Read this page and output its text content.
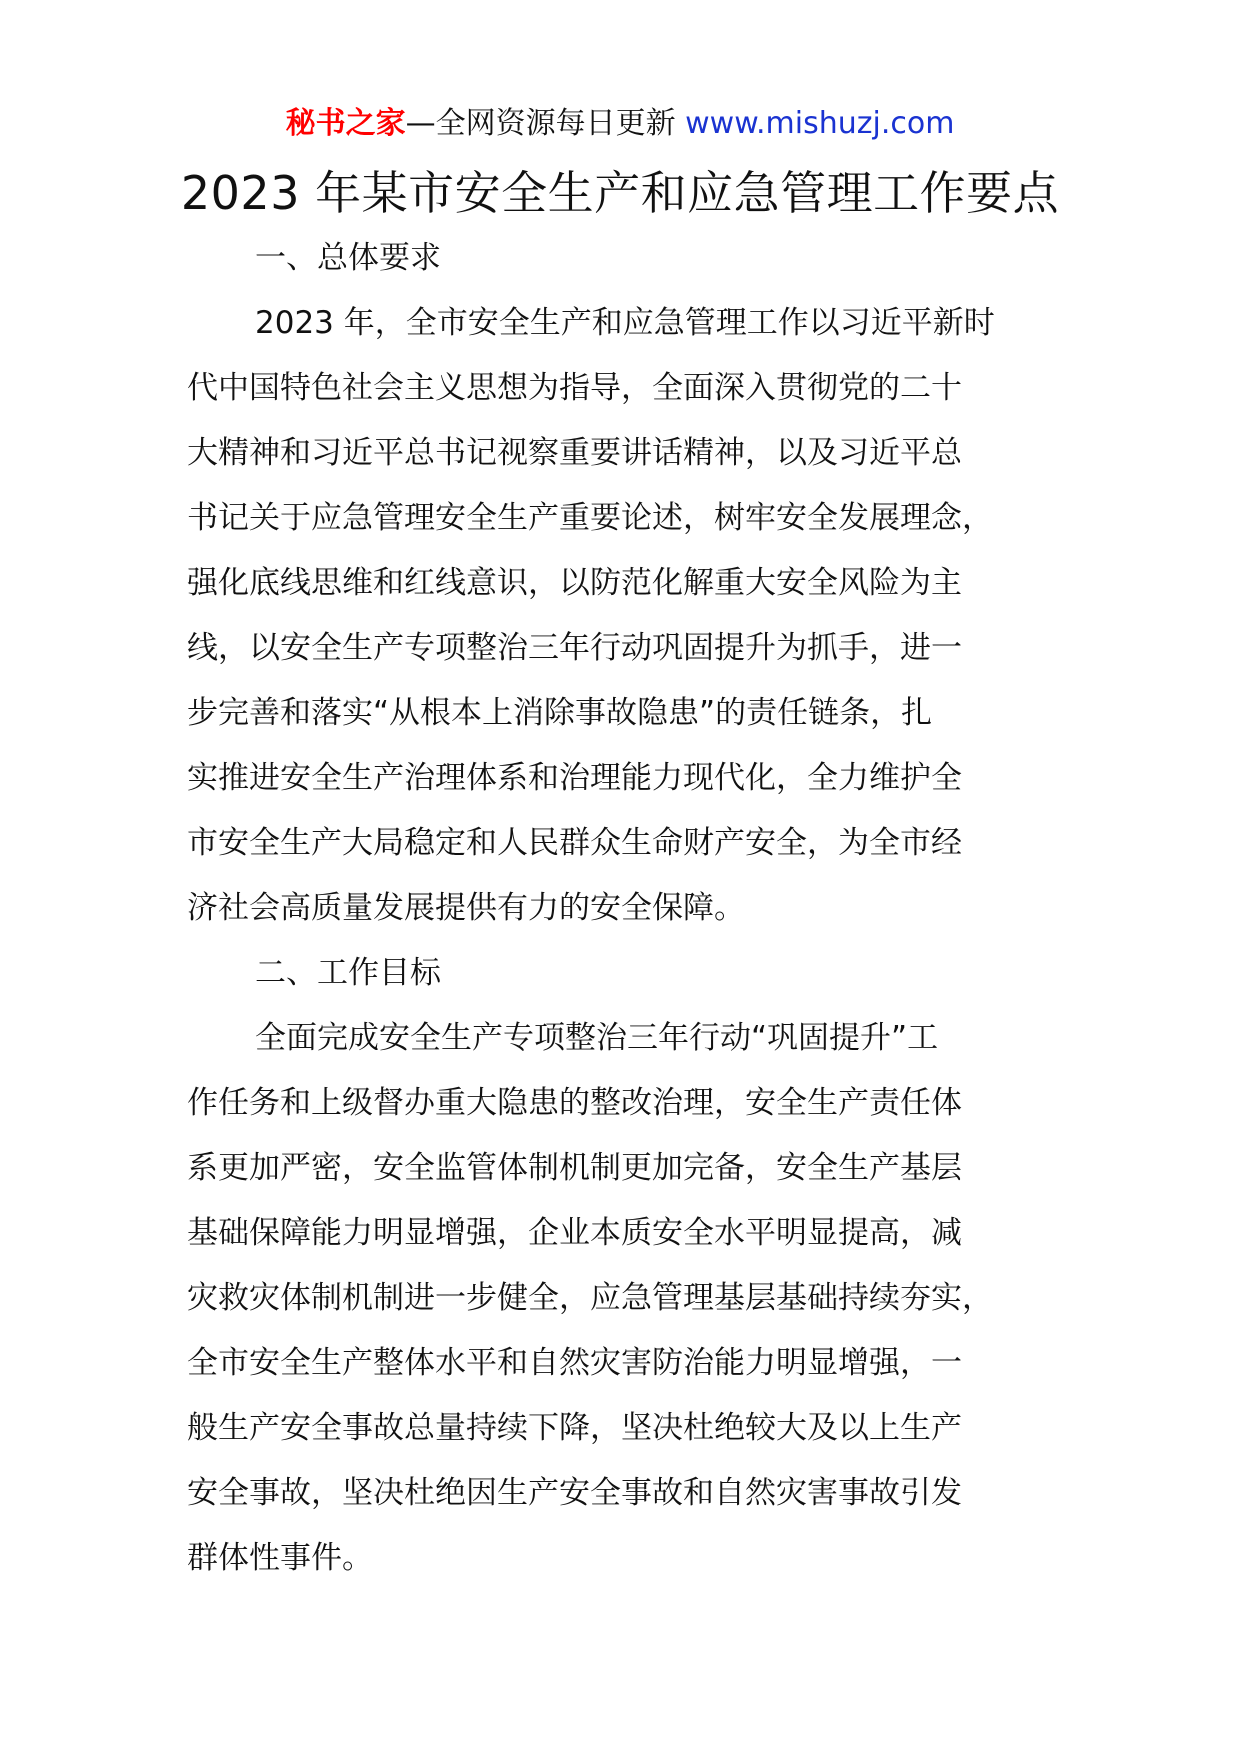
秘书之家—全网资源每日更新 www.mishuzj.com
2023 年某市安全生产和应急管理工作要点
一、总体要求
2023 年，全市安全生产和应急管理工作以习近平新时
代中国特色社会主义思想为指导，全面深入贯彻党的二十
大精神和习近平总书记视察重要讲话精神，以及习近平总
书记关于应急管理安全生产重要论述，树牢安全发展理念，
强化底线思维和红线意识，以防范化解重大安全风险为主
线，以安全生产专项整治三年行动巩固提升为抓手，进一
步完善和落实“从根本上消除事故隐患”的责任链条，扎
实推进安全生产治理体系和治理能力现代化，全力维护全
市安全生产大局稳定和人民群众生命财产安全，为全市经
济社会高质量发展提供有力的安全保障。
二、工作目标
全面完成安全生产专项整治三年行动“巩固提升”工
作任务和上级督办重大隐患的整改治理，安全生产责任体
系更加严密，安全监管体制机制更加完备，安全生产基层
基础保障能力明显增强，企业本质安全水平明显提高，减
灾救灾体制机制进一步健全，应急管理基层基础持续夯实，
全市安全生产整体水平和自然灾害防治能力明显增强，一
般生产安全事故总量持续下降，坚决杜绝较大及以上生产
安全事故，坚决杜绝因生产安全事故和自然灾害事故引发
群体性事件。
